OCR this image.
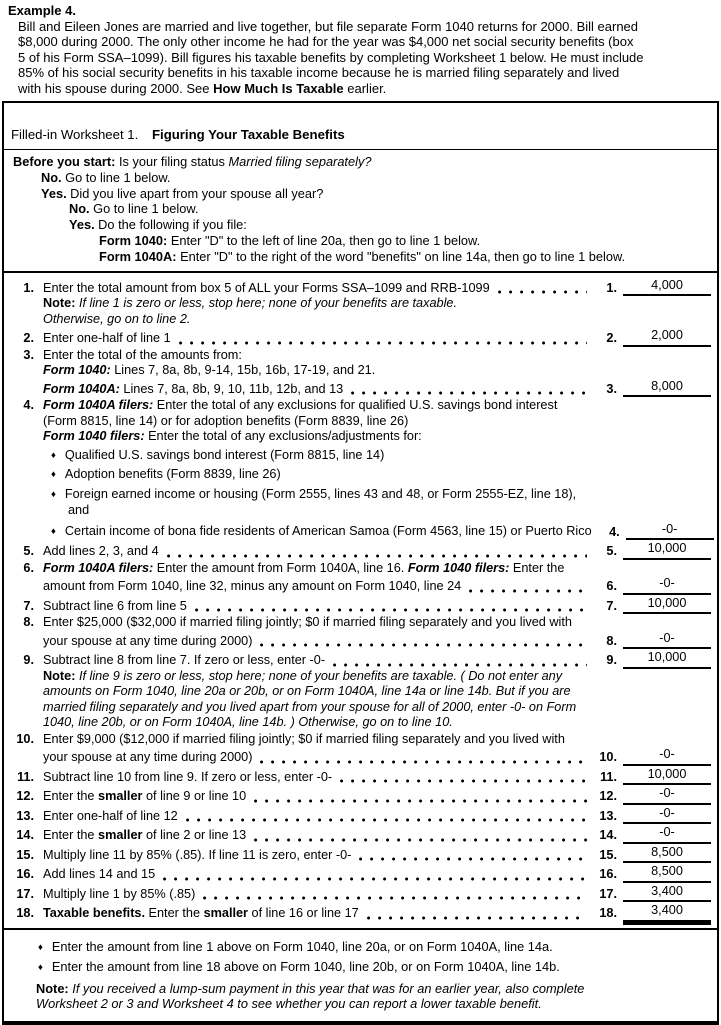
Example 4.
Bill and Eileen Jones are married and live together, but file separate Form 1040 returns for 2000. Bill earned
$8,000 during 2000. The only other income he had for the year was $4,000 net social security benefits (box
5 of his Form SSA–1099). Bill figures his taxable benefits by completing Worksheet 1 below. He must include
85% of his social security benefits in his taxable income because he is married filing separately and lived
with his spouse during 2000. See How Much Is Taxable earlier.
Filled-in Worksheet 1. Figuring Your Taxable Benefits
Before you start: Is your filing status Married filing separately?
No. Go to line 1 below.
Yes. Did you live apart from your spouse all year?
No. Go to line 1 below.
Yes. Do the following if you file:
Form 1040: Enter "D" to the left of line 20a, then go to line 1 below.
Form 1040A: Enter "D" to the right of the word "benefits" on line 14a, then go to line 1 below.
1. Enter the total amount from box 5 of ALL your Forms SSA–1099 and RRB-1099	1.	4,000
Note: If line 1 is zero or less, stop here; none of your benefits are taxable.
Otherwise, go on to line 2.
2. Enter one-half of line 1	2.	2,000
3. Enter the total of the amounts from:
Form 1040: Lines 7, 8a, 8b, 9-14, 15b, 16b, 17-19, and 21.
Form 1040A: Lines 7, 8a, 8b, 9, 10, 11b, 12b, and 13	3.	8,000
4. Form 1040A filers: Enter the total of any exclusions for qualified U.S. savings bond interest
(Form 8815, line 14) or for adoption benefits (Form 8839, line 26)
Form 1040 filers: Enter the total of any exclusions/adjustments for:
♦ Qualified U.S. savings bond interest (Form 8815, line 14)
♦ Adoption benefits (Form 8839, line 26)
♦ Foreign earned income or housing (Form 2555, lines 43 and 48, or Form 2555-EZ, line 18),
and
♦ Certain income of bona fide residents of American Samoa (Form 4563, line 15) or Puerto Rico	4.	-0-
5. Add lines 2, 3, and 4	5.	10,000
6. Form 1040A filers: Enter the amount from Form 1040A, line 16. Form 1040 filers: Enter the
amount from Form 1040, line 32, minus any amount on Form 1040, line 24	6.	-0-
7. Subtract line 6 from line 5	7.	10,000
8. Enter $25,000 ($32,000 if married filing jointly; $0 if married filing separately and you lived with
your spouse at any time during 2000)	8.	-0-
9. Subtract line 8 from line 7. If zero or less, enter -0-	9.	10,000
Note: If line 9 is zero or less, stop here; none of your benefits are taxable. ( Do not enter any
amounts on Form 1040, line 20a or 20b, or on Form 1040A, line 14a or line 14b. But if you are
married filing separately and you lived apart from your spouse for all of 2000, enter -0- on Form
1040, line 20b, or on Form 1040A, line 14b. ) Otherwise, go on to line 10.
10. Enter $9,000 ($12,000 if married filing jointly; $0 if married filing separately and you lived with
your spouse at any time during 2000)	10.	-0-
11. Subtract line 10 from line 9. If zero or less, enter -0-	11.	10,000
12. Enter the smaller of line 9 or line 10	12.	-0-
13. Enter one-half of line 12	13.	-0-
14. Enter the smaller of line 2 or line 13	14.	-0-
15. Multiply line 11 by 85% (.85). If line 11 is zero, enter -0-	15.	8,500
16. Add lines 14 and 15	16.	8,500
17. Multiply line 1 by 85% (.85)	17.	3,400
18. Taxable benefits. Enter the smaller of line 16 or line 17	18.	3,400
♦ Enter the amount from line 1 above on Form 1040, line 20a, or on Form 1040A, line 14a.
♦ Enter the amount from line 18 above on Form 1040, line 20b, or on Form 1040A, line 14b.
Note: If you received a lump-sum payment in this year that was for an earlier year, also complete
Worksheet 2 or 3 and Worksheet 4 to see whether you can report a lower taxable benefit.
